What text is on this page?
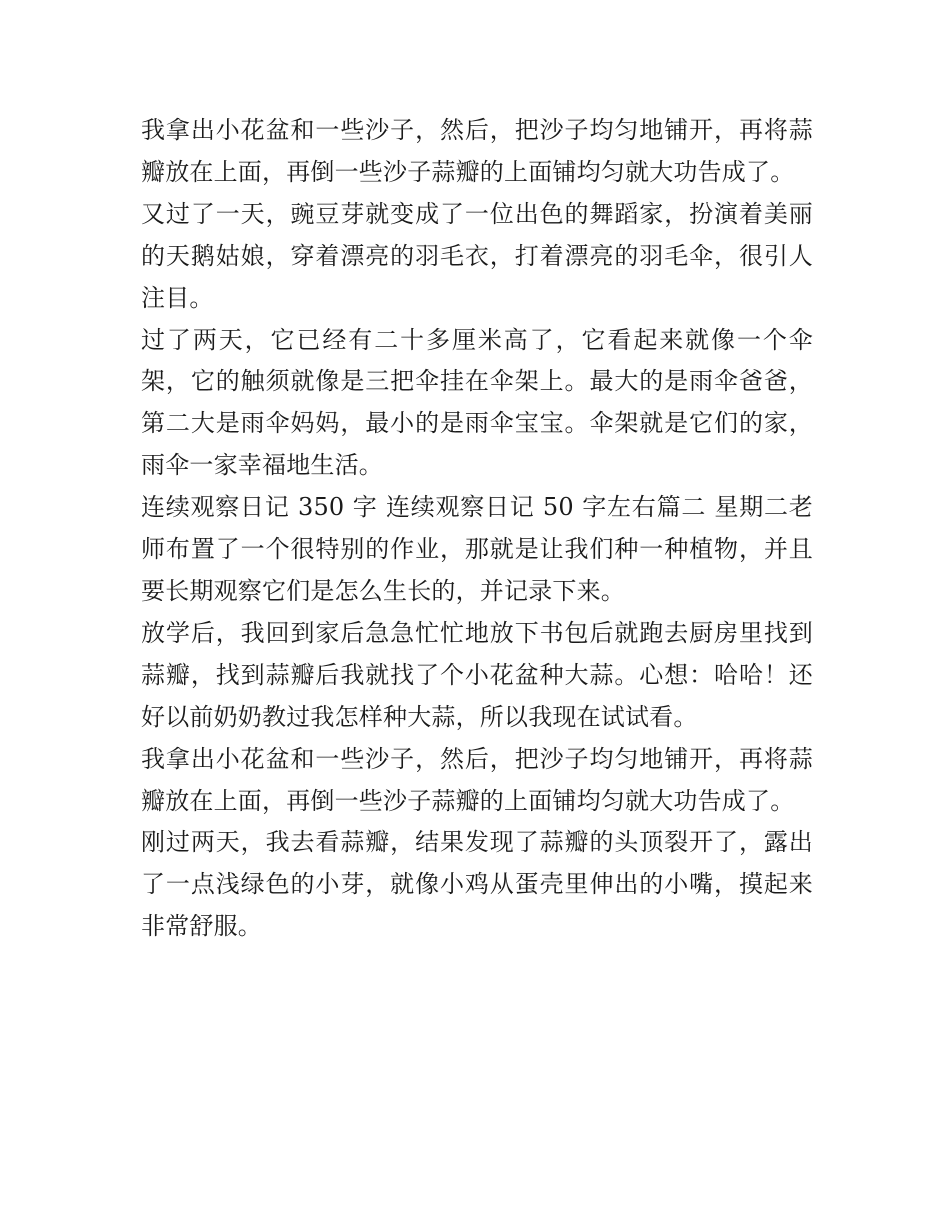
我拿出小花盆和一些沙子，然后，把沙子均匀地铺开，再将蒜瓣放在上面，再倒一些沙子蒜瓣的上面铺均匀就大功告成了。

又过了一天，豌豆芽就变成了一位出色的舞蹈家，扮演着美丽的天鹅姑娘，穿着漂亮的羽毛衣，打着漂亮的羽毛伞，很引人注目。

过了两天，它已经有二十多厘米高了，它看起来就像一个伞架，它的触须就像是三把伞挂在伞架上。最大的是雨伞爸爸，第二大是雨伞妈妈，最小的是雨伞宝宝。伞架就是它们的家，雨伞一家幸福地生活。

连续观察日记 350 字 连续观察日记 50 字左右篇二 星期二老师布置了一个很特别的作业，那就是让我们种一种植物，并且要长期观察它们是怎么生长的，并记录下来。

放学后，我回到家后急急忙忙地放下书包后就跑去厨房里找到蒜瓣，找到蒜瓣后我就找了个小花盆种大蒜。心想：哈哈！还好以前奶奶教过我怎样种大蒜，所以我现在试试看。

我拿出小花盆和一些沙子，然后，把沙子均匀地铺开，再将蒜瓣放在上面，再倒一些沙子蒜瓣的上面铺均匀就大功告成了。

刚过两天，我去看蒜瓣，结果发现了蒜瓣的头顶裂开了，露出了一点浅绿色的小芽，就像小鸡从蛋壳里伸出的小嘴，摸起来非常舒服。
